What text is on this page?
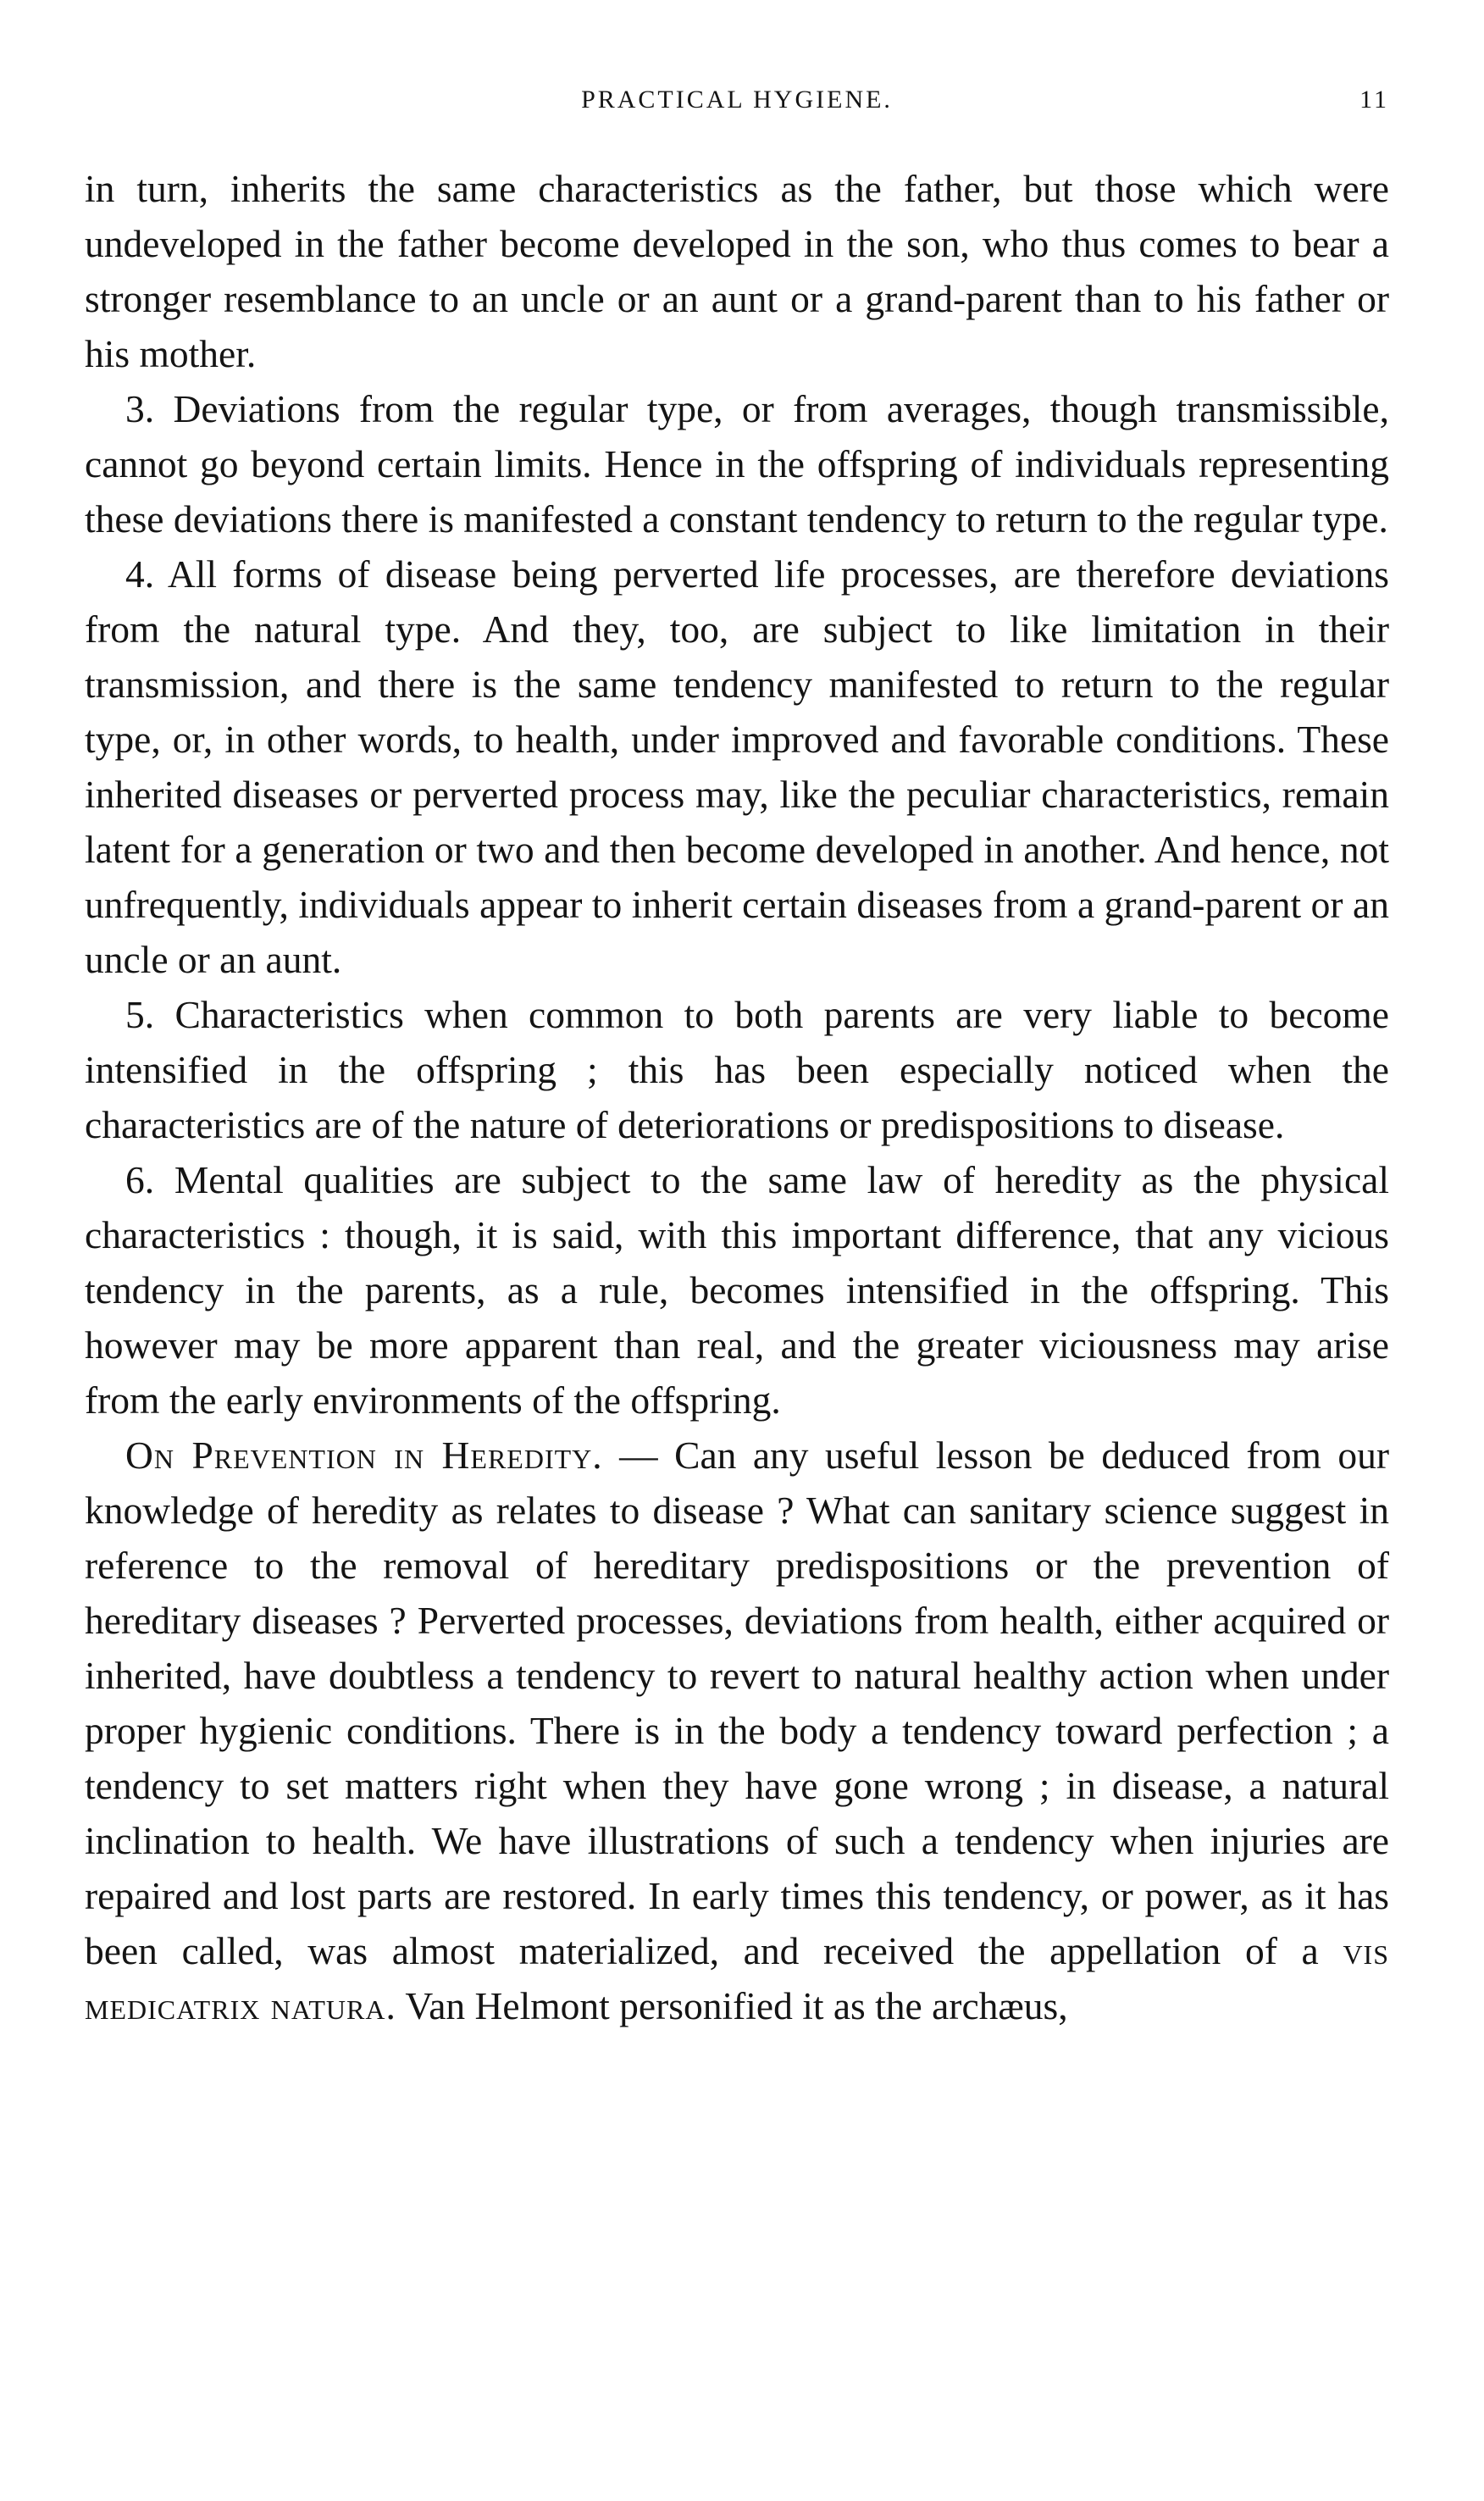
PRACTICAL HYGIENE.	11

in turn, inherits the same characteristics as the father, but those which were undeveloped in the father become developed in the son, who thus comes to bear a stronger resemblance to an uncle or an aunt or a grand-parent than to his father or his mother.

3. Deviations from the regular type, or from averages, though transmissible, cannot go beyond certain limits. Hence in the offspring of individuals representing these deviations there is manifested a constant tendency to return to the regular type.

4. All forms of disease being perverted life processes, are therefore deviations from the natural type. And they, too, are subject to like limitation in their transmission, and there is the same tendency manifested to return to the regular type, or, in other words, to health, under improved and favorable conditions. These inherited diseases or perverted process may, like the peculiar characteristics, remain latent for a generation or two and then become developed in another. And hence, not unfrequently, individuals appear to inherit certain diseases from a grand-parent or an uncle or an aunt.

5. Characteristics when common to both parents are very liable to become intensified in the offspring ; this has been especially noticed when the characteristics are of the nature of deteriorations or predispositions to disease.

6. Mental qualities are subject to the same law of heredity as the physical characteristics : though, it is said, with this important difference, that any vicious tendency in the parents, as a rule, becomes intensified in the offspring. This however may be more apparent than real, and the greater viciousness may arise from the early environments of the offspring.

On Prevention in Heredity. — Can any useful lesson be deduced from our knowledge of heredity as relates to disease ? What can sanitary science suggest in reference to the removal of hereditary predispositions or the prevention of hereditary diseases ? Perverted processes, deviations from health, either acquired or inherited, have doubtless a tendency to revert to natural healthy action when under proper hygienic conditions. There is in the body a tendency toward perfection ; a tendency to set matters right when they have gone wrong ; in disease, a natural inclination to health. We have illustrations of such a tendency when injuries are repaired and lost parts are restored. In early times this tendency, or power, as it has been called, was almost materialized, and received the appellation of a vis medicatrix natura. Van Helmont personified it as the archæus,
